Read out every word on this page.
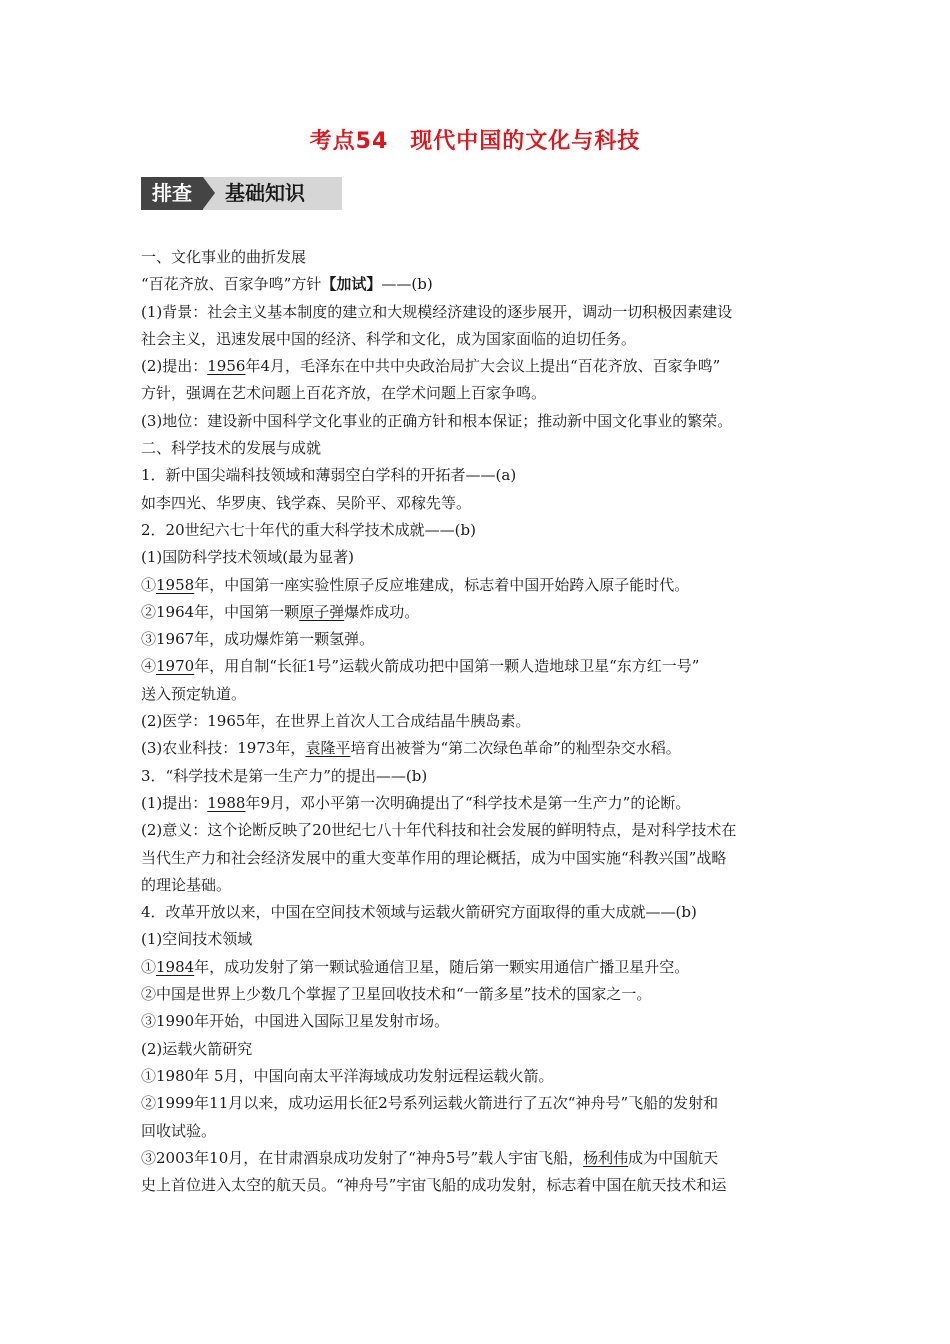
考点54 现代中国的文化与科技
排查	基础知识
一、文化事业的曲折发展
“百花齐放、百家争鸣”方针【加试】——(b)
(1)背景：社会主义基本制度的建立和大规模经济建设的逐步展开，调动一切积极因素建设
社会主义，迅速发展中国的经济、科学和文化，成为国家面临的迫切任务。
(2)提出：1956年4月，毛泽东在中共中央政治局扩大会议上提出“百花齐放、百家争鸣”
方针，强调在艺术问题上百花齐放，在学术问题上百家争鸣。
(3)地位：建设新中国科学文化事业的正确方针和根本保证；推动新中国文化事业的繁荣。
二、科学技术的发展与成就
1．新中国尖端科技领域和薄弱空白学科的开拓者——(a)
如李四光、华罗庚、钱学森、吴阶平、邓稼先等。
2．20世纪六七十年代的重大科学技术成就——(b)
(1)国防科学技术领域(最为显著)
①1958年，中国第一座实验性原子反应堆建成，标志着中国开始跨入原子能时代。
②1964年，中国第一颗原子弹爆炸成功。
③1967年，成功爆炸第一颗氢弹。
④1970年，用自制“长征1号”运载火箭成功把中国第一颗人造地球卫星“东方红一号”
送入预定轨道。
(2)医学：1965年，在世界上首次人工合成结晶牛胰岛素。
(3)农业科技：1973年，袁隆平培育出被誉为“第二次绿色革命”的籼型杂交水稻。
3．“科学技术是第一生产力”的提出——(b)
(1)提出：1988年9月，邓小平第一次明确提出了“科学技术是第一生产力”的论断。
(2)意义：这个论断反映了20世纪七八十年代科技和社会发展的鲜明特点，是对科学技术在
当代生产力和社会经济发展中的重大变革作用的理论概括，成为中国实施“科教兴国”战略
的理论基础。
4．改革开放以来，中国在空间技术领域与运载火箭研究方面取得的重大成就——(b)
(1)空间技术领域
①1984年，成功发射了第一颗试验通信卫星，随后第一颗实用通信广播卫星升空。
②中国是世界上少数几个掌握了卫星回收技术和“一箭多星”技术的国家之一。
③1990年开始，中国进入国际卫星发射市场。
(2)运载火箭研究
①1980年 5月，中国向南太平洋海域成功发射远程运载火箭。
②1999年11月以来，成功运用长征2号系列运载火箭进行了五次“神舟号”飞船的发射和
回收试验。
③2003年10月，在甘肃酒泉成功发射了“神舟5号”载人宇宙飞船，杨利伟成为中国航天
史上首位进入太空的航天员。“神舟号”宇宙飞船的成功发射，标志着中国在航天技术和运
